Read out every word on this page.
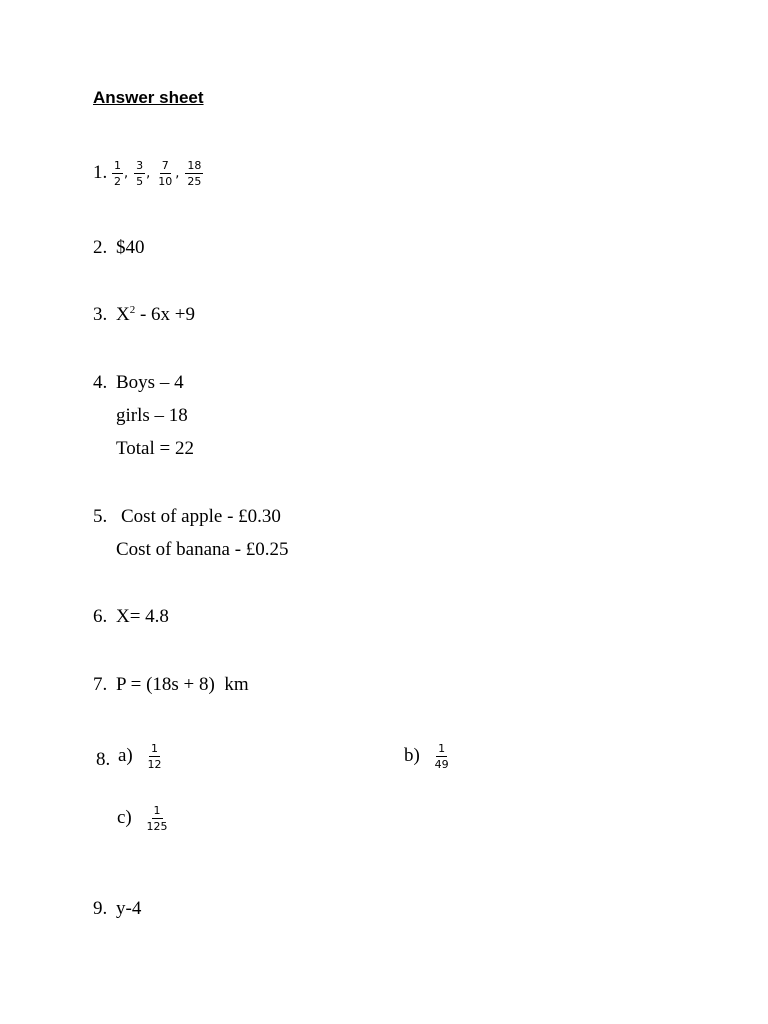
Answer sheet
1. $\frac{1}{2}$ , $\frac{3}{5}$ , $\frac{7}{10}$ , $\frac{18}{25}$
2. $40
3. $X^2 - 6x +9$
4. Boys – 4
girls – 18
Total = 22
5. Cost of apple - £0.30
Cost of banana - £0.25
6. X= 4.8
7. P = (18s + 8)  km
8. $a) \frac{1}{12}$	$b) \frac{1}{49}$
$c) \frac{1}{125}$
9. y-4
